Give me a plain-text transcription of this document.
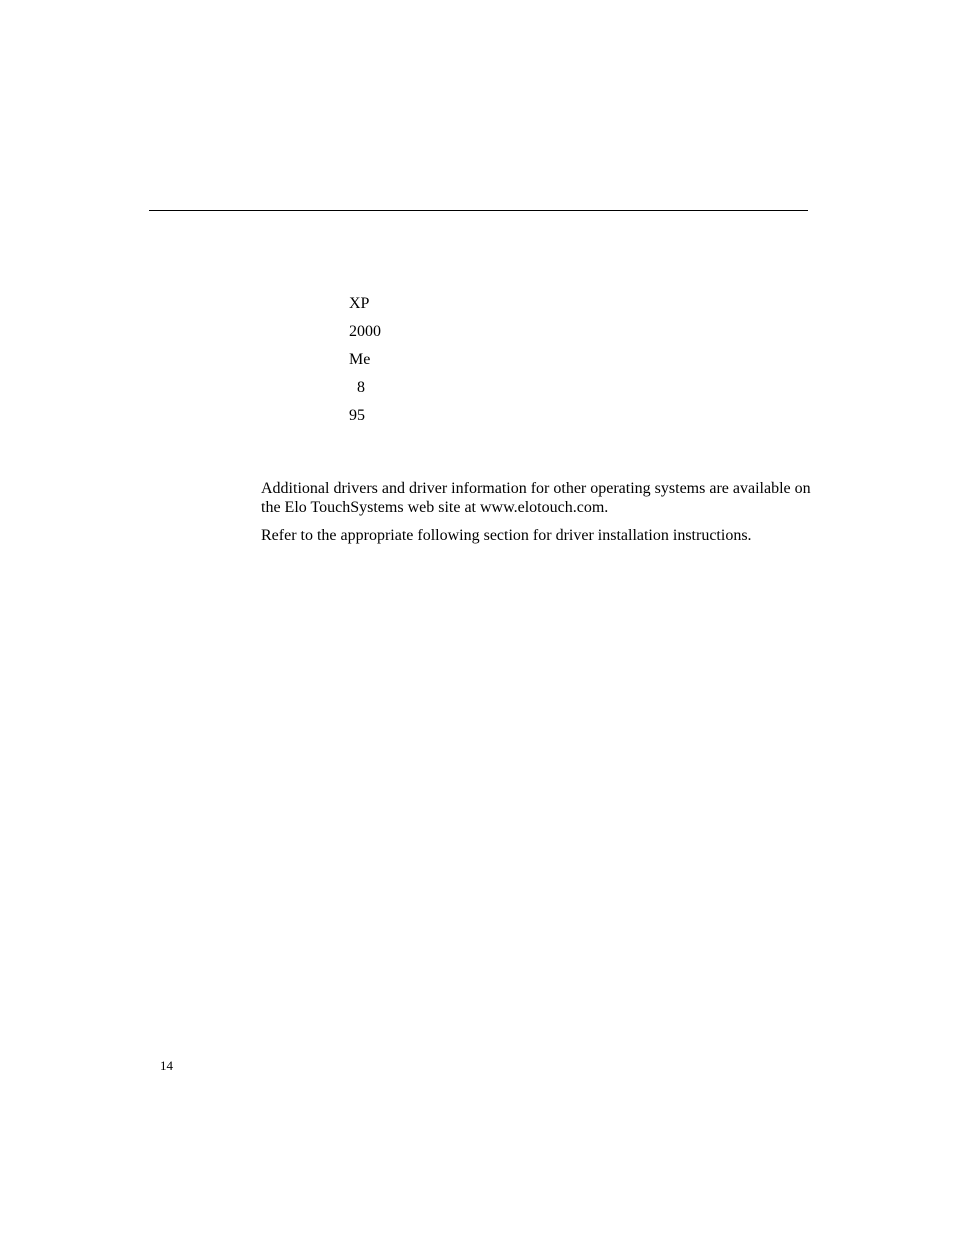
XP
2000
Me
8
95

Additional drivers and driver information for other operating systems are available on the Elo TouchSystems web site at www.elotouch.com.

Refer to the appropriate following section for driver installation instructions.

14
